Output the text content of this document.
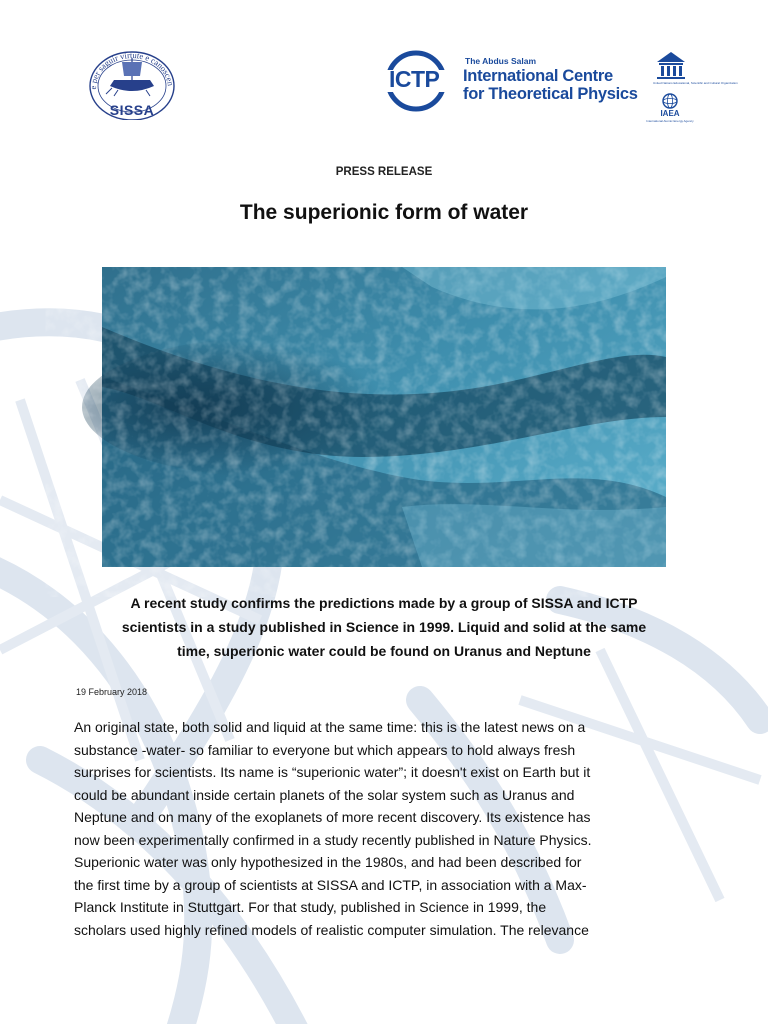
e per saguir virtute e canoscen
SISSA
ICTP
The Abdus Salam
International Centre
for Theoretical Physics
United Nations Educational, Scientific and Cultural Organization
IAEA
International Atomic Energy Agency
PRESS RELEASE
The superionic form of water
A recent study confirms the predictions made by a group of SISSA and ICTP
scientists in a study published in Science in 1999. Liquid and solid at the same
time, superionic water could be found on Uranus and Neptune
19 February 2018

An original state, both solid and liquid at the same time: this is the latest news on a
substance -water- so familiar to everyone but which appears to hold always fresh
surprises for scientists. Its name is “superionic water”; it doesn't exist on Earth but it
could be abundant inside certain planets of the solar system such as Uranus and
Neptune and on many of the exoplanets of more recent discovery. Its existence has
now been experimentally confirmed in a study recently published in Nature Physics.
Superionic water was only hypothesized in the 1980s, and had been described for
the first time by a group of scientists at SISSA and ICTP, in association with a Max-
Planck Institute in Stuttgart. For that study, published in Science in 1999, the
scholars used highly refined models of realistic computer simulation. The relevance
